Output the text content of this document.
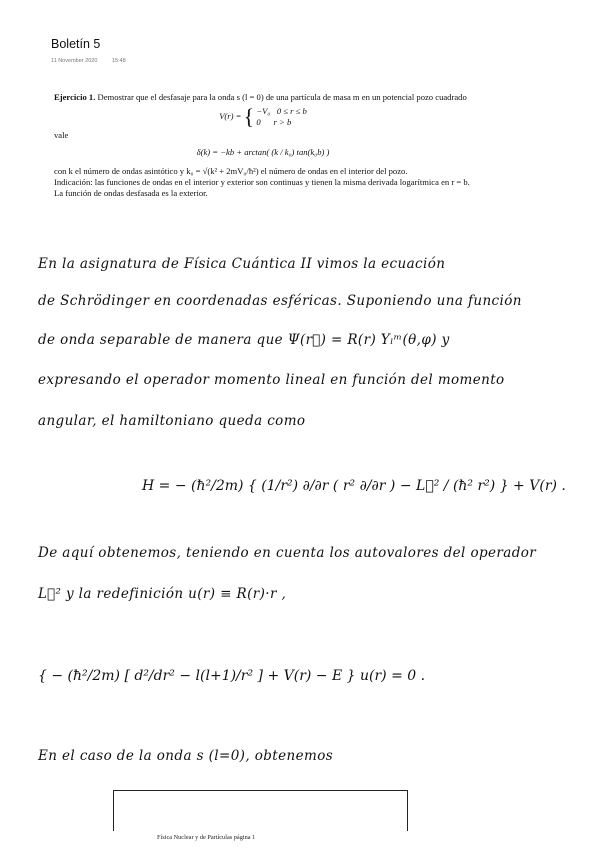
Boletín 5
11 November 2020	15:48

Ejercicio 1. Demostrar que el desfasaje para la onda s (l = 0) de una partícula de masa m en un potencial pozo cuadrado

V(r) = { −V₀ 0 ≤ r ≤ b
0 r > b

vale

δ(k) = −kb + arctan( (k / k₀) tan(k₀b) )

con k el número de ondas asintótico y k₀ = √(k² + 2mV₀/ħ²) el número de ondas en el interior del pozo.

Indicación: las funciones de ondas en el interior y exterior son continuas y tienen la misma derivada logarítmica en r = b. La función de ondas desfasada es la exterior.

En la asignatura de Física Cuántica II vimos la ecuación
de Schrödinger en coordenadas esféricas. Suponiendo una función
de onda separable de manera que Ψ(r⃗) = R(r) Yₗᵐ(θ,φ) y
expresando el operador momento lineal en función del momento
angular, el hamiltoniano queda como
H = − (ħ²/2m) { (1/r²) ∂/∂r ( r² ∂/∂r ) − L⃗² / (ħ² r²) } + V(r) .
De aquí obtenemos, teniendo en cuenta los autovalores del operador
L⃗² y la redefinición u(r) ≡ R(r)·r ,
{ − (ħ²/2m) [ d²/dr² − l(l+1)/r² ] + V(r) − E } u(r) = 0 .
En el caso de la onda s (l=0), obtenemos
Física Nuclear y de Partículas página 1
